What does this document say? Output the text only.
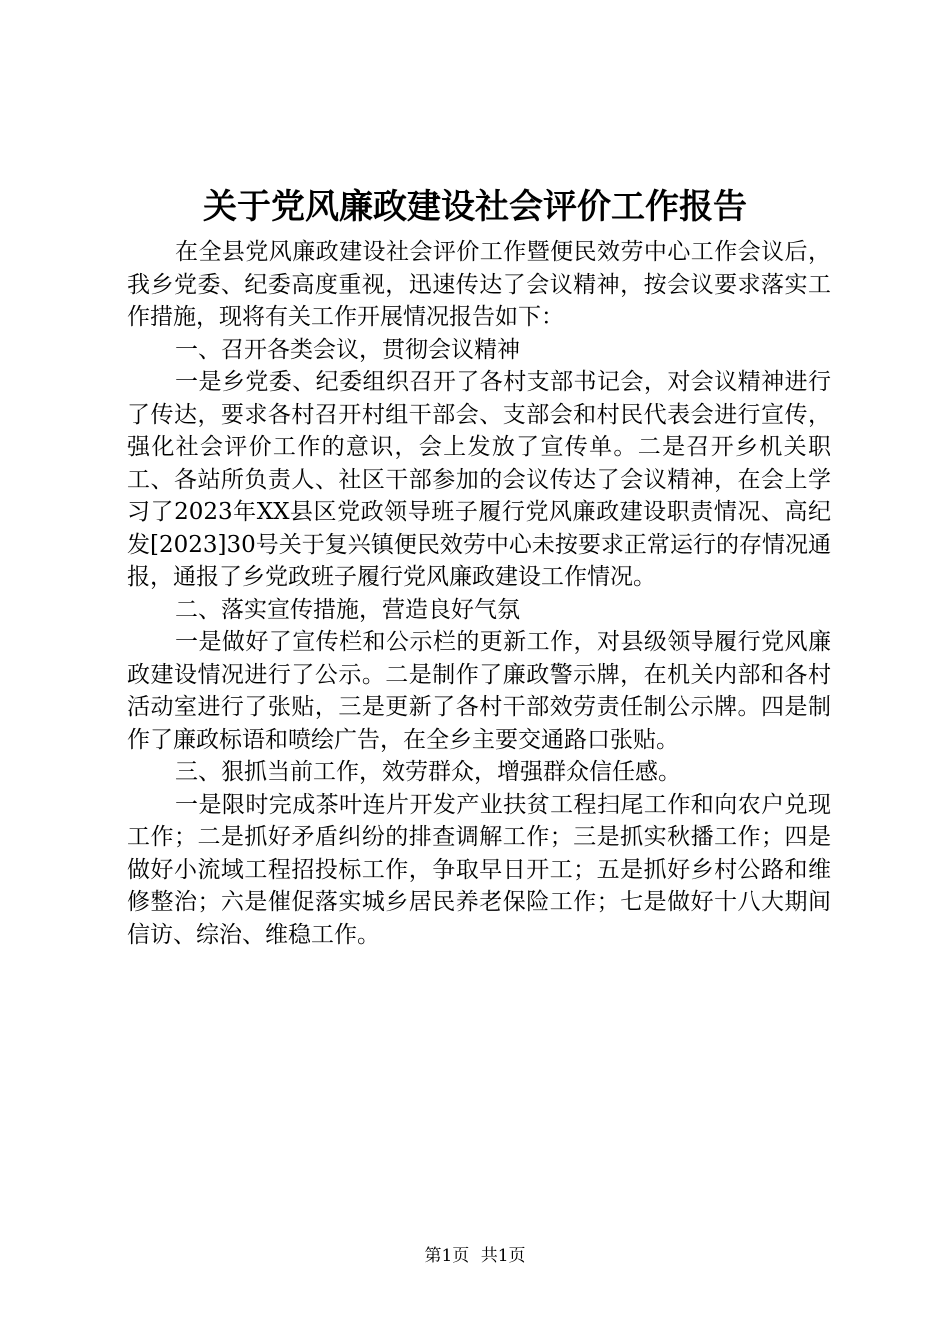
关于党风廉政建设社会评价工作报告

在全县党风廉政建设社会评价工作暨便民效劳中心工作会议后，我乡党委、纪委高度重视，迅速传达了会议精神，按会议要求落实工作措施，现将有关工作开展情况报告如下：

一、召开各类会议，贯彻会议精神

一是乡党委、纪委组织召开了各村支部书记会，对会议精神进行了传达，要求各村召开村组干部会、支部会和村民代表会进行宣传，强化社会评价工作的意识，会上发放了宣传单。二是召开乡机关职工、各站所负责人、社区干部参加的会议传达了会议精神，在会上学习了2023年XX县区党政领导班子履行党风廉政建设职责情况、高纪发[2023]30号关于复兴镇便民效劳中心未按要求正常运行的存情况通报，通报了乡党政班子履行党风廉政建设工作情况。

二、落实宣传措施，营造良好气氛

一是做好了宣传栏和公示栏的更新工作，对县级领导履行党风廉政建设情况进行了公示。二是制作了廉政警示牌，在机关内部和各村活动室进行了张贴，三是更新了各村干部效劳责任制公示牌。四是制作了廉政标语和喷绘广告，在全乡主要交通路口张贴。

三、狠抓当前工作，效劳群众，增强群众信任感。

一是限时完成茶叶连片开发产业扶贫工程扫尾工作和向农户兑现工作；二是抓好矛盾纠纷的排查调解工作；三是抓实秋播工作；四是做好小流域工程招投标工作，争取早日开工；五是抓好乡村公路和维修整治；六是催促落实城乡居民养老保险工作；七是做好十八大期间信访、综治、维稳工作。

第1页 共1页
